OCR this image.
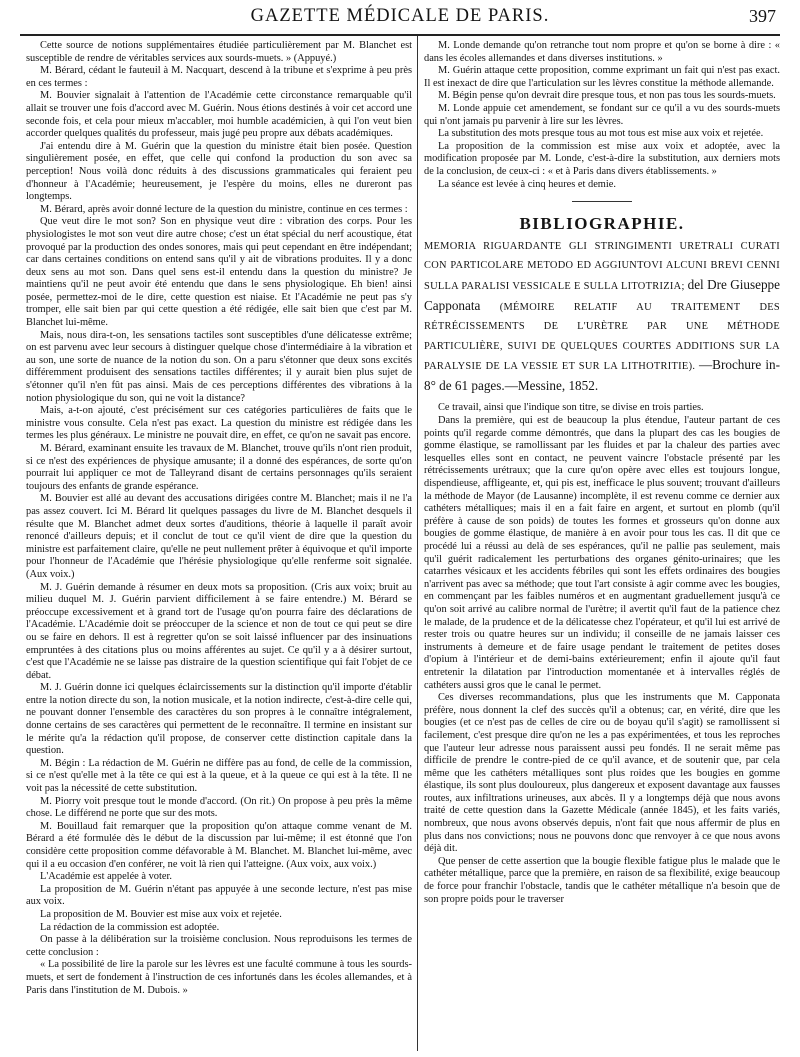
GAZETTE MÉDICALE DE PARIS.	397

Cette source de notions supplémentaires étudiée particulièrement par M. Blanchet est susceptible de rendre de véritables services aux sourds-muets. » (Appuyé.)

M. Bérard, cédant le fauteuil à M. Nacquart, descend à la tribune et s'exprime à peu près en ces termes :

M. Bouvier signalait à l'attention de l'Académie cette circonstance remarquable qu'il allait se trouver une fois d'accord avec M. Guérin. Nous étions destinés à voir cet accord une seconde fois, et cela pour mieux m'accabler, moi humble académicien, à qui l'on veut bien accorder quelques qualités du professeur, mais jugé peu propre aux débats académiques.

J'ai entendu dire à M. Guérin que la question du ministre était bien posée. Question singulièrement posée, en effet, que celle qui confond la production du son avec sa perception! Nous voilà donc réduits à des discussions grammaticales qui feraient peu d'honneur à l'Académie; heureusement, je l'espère du moins, elles ne dureront pas longtemps.

M. Bérard, après avoir donné lecture de la question du ministre, continue en ces termes :

Que veut dire le mot son? Son en physique veut dire : vibration des corps. Pour les physiologistes le mot son veut dire autre chose; c'est un état spécial du nerf acoustique, état provoqué par la production des ondes sonores, mais qui peut cependant en être indépendant; car dans certaines conditions on entend sans qu'il y ait de vibrations produites. Il y a donc deux sens au mot son. Dans quel sens est-il entendu dans la question du ministre? Je maintiens qu'il ne peut avoir été entendu que dans le sens physiologique. Eh bien! ainsi posée, permettez-moi de le dire, cette question est niaise. Et l'Académie ne peut pas s'y tromper, elle sait bien par qui cette question a été rédigée, elle sait bien que c'est par M. Blanchet lui-même.

Mais, nous dira-t-on, les sensations tactiles sont susceptibles d'une délicatesse extrême; on est parvenu avec leur secours à distinguer quelque chose d'intermédiaire à la vibration et au son, une sorte de nuance de la notion du son. On a paru s'étonner que deux sons excités différemment produisent des sensations tactiles différentes; il y aurait bien plus sujet de s'étonner qu'il n'en fût pas ainsi. Mais de ces perceptions différentes des vibrations à la notion physiologique du son, qui ne voit la distance?

Mais, a-t-on ajouté, c'est précisément sur ces catégories particulières de faits que le ministre vous consulte. Cela n'est pas exact. La question du ministre est rédigée dans les termes les plus généraux. Le ministre ne pouvait dire, en effet, ce qu'on ne savait pas encore.

M. Bérard, examinant ensuite les travaux de M. Blanchet, trouve qu'ils n'ont rien produit, si ce n'est des expériences de physique amusante; il a donné des espérances, de sorte qu'on pourrait lui appliquer ce mot de Talleyrand disant de certains personnages qu'ils seraient toujours des enfants de grande espérance.

M. Bouvier est allé au devant des accusations dirigées contre M. Blanchet; mais il ne l'a pas assez couvert. Ici M. Bérard lit quelques passages du livre de M. Blanchet desquels il résulte que M. Blanchet admet deux sortes d'auditions, théorie à laquelle il paraît avoir renoncé d'ailleurs depuis; et il conclut de tout ce qu'il vient de dire que la question du ministre est parfaitement claire, qu'elle ne peut nullement prêter à équivoque et qu'il importe pour l'honneur de l'Académie que l'hérésie physiologique qu'elle renferme soit signalée. (Aux voix.)

M. J. Guérin demande à résumer en deux mots sa proposition. (Cris aux voix; bruit au milieu duquel M. J. Guérin parvient difficilement à se faire entendre.) M. Bérard se préoccupe excessivement et à grand tort de l'usage qu'on pourra faire des déclarations de l'Académie. L'Académie doit se préoccuper de la science et non de tout ce qui peut se dire ou se faire en dehors. Il est à regretter qu'on se soit laissé influencer par des insinuations empruntées à des citations plus ou moins afférentes au sujet. Ce qu'il y a à désirer surtout, c'est que l'Académie ne se laisse pas distraire de la question scientifique qui fait l'objet de ce débat.

M. J. Guérin donne ici quelques éclaircissements sur la distinction qu'il importe d'établir entre la notion directe du son, la notion musicale, et la notion indirecte, c'est-à-dire celle qui, ne pouvant donner l'ensemble des caractères du son propres à le connaître intégralement, donne certains de ses caractères qui permettent de le reconnaître. Il termine en insistant sur le mérite qu'a la rédaction qu'il propose, de conserver cette distinction capitale dans la question.

M. Bégin : La rédaction de M. Guérin ne diffère pas au fond, de celle de la commission, si ce n'est qu'elle met à la tête ce qui est à la queue, et à la queue ce qui est à la tête. Il ne voit pas la nécessité de cette substitution.

M. Piorry voit presque tout le monde d'accord. (On rit.) On propose à peu près la même chose. Le différend ne porte que sur des mots.

M. Bouillaud fait remarquer que la proposition qu'on attaque comme venant de M. Bérard a été formulée dès le début de la discussion par lui-même; il est étonné que l'on considère cette proposition comme défavorable à M. Blanchet. M. Blanchet lui-même, avec qui il a eu occasion d'en conférer, ne voit là rien qui l'atteigne. (Aux voix, aux voix.)

L'Académie est appelée à voter.

La proposition de M. Guérin n'étant pas appuyée à une seconde lecture, n'est pas mise aux voix.

La proposition de M. Bouvier est mise aux voix et rejetée.

La rédaction de la commission est adoptée.

On passe à la délibération sur la troisième conclusion. Nous reproduisons les termes de cette conclusion :

« La possibilité de lire la parole sur les lèvres est une faculté commune à tous les sourds-muets, et sert de fondement à l'instruction de ces infortunés dans les écoles allemandes, et à Paris dans l'institution de M. Dubois. »

M. Londe demande qu'on retranche tout nom propre et qu'on se borne à dire : « dans les écoles allemandes et dans diverses institutions. »

M. Guérin attaque cette proposition, comme exprimant un fait qui n'est pas exact. Il est inexact de dire que l'articulation sur les lèvres constitue la méthode allemande.

M. Bégin pense qu'on devrait dire presque tous, et non pas tous les sourds-muets.

M. Londe appuie cet amendement, se fondant sur ce qu'il a vu des sourds-muets qui n'ont jamais pu parvenir à lire sur les lèvres.

La substitution des mots presque tous au mot tous est mise aux voix et rejetée.

La proposition de la commission est mise aux voix et adoptée, avec la modification proposée par M. Londe, c'est-à-dire la substitution, aux derniers mots de la conclusion, de ceux-ci : « et à Paris dans divers établissements. »

La séance est levée à cinq heures et demie.

BIBLIOGRAPHIE.
MEMORIA RIGUARDANTE GLI STRINGIMENTI URETRALI CURATI CON PARTICOLARE METODO ED AGGIUNTOVI ALCUNI BREVI CENNI SULLA PARALISI VESSICALE E SULLA LITOTRIZIA; del Dre Giuseppe Capponata (MÉMOIRE RELATIF AU TRAITEMENT DES RÉTRÉCISSEMENTS DE L'URÈTRE PAR UNE MÉTHODE PARTICULIÈRE, SUIVI DE QUELQUES COURTES ADDITIONS SUR LA PARALYSIE DE LA VESSIE ET SUR LA LITHOTRITIE). —Brochure in-8° de 61 pages.—Messine, 1852.

Ce travail, ainsi que l'indique son titre, se divise en trois parties.

Dans la première, qui est de beaucoup la plus étendue, l'auteur partant de ces points qu'il regarde comme démontrés, que dans la plupart des cas les bougies de gomme élastique, se ramollissant par les fluides et par la chaleur des parties avec lesquelles elles sont en contact, ne peuvent vaincre l'obstacle présenté par les rétrécissements urétraux; que la cure qu'on opère avec elles est toujours longue, dispendieuse, affligeante, et, qui pis est, inefficace le plus souvent; trouvant d'ailleurs la méthode de Mayor (de Lausanne) incomplète, il est revenu comme ce dernier aux cathéters métalliques; mais il en a fait faire en argent, et surtout en plomb (qu'il préfère à cause de son poids) de toutes les formes et grosseurs qu'on donne aux bougies de gomme élastique, de manière à en avoir pour tous les cas. Il dit que ce procédé lui a réussi au delà de ses espérances, qu'il ne pallie pas seulement, mais qu'il guérit radicalement les perturbations des organes génito-urinaires; que les catarrhes vésicaux et les accidents fébriles qui sont les effets ordinaires des bougies n'arrivent pas avec sa méthode; que tout l'art consiste à agir comme avec les bougies, en commençant par les faibles numéros et en augmentant graduellement jusqu'à ce qu'on soit arrivé au calibre normal de l'urètre; il avertit qu'il faut de la patience chez le malade, de la prudence et de la délicatesse chez l'opérateur, et qu'il lui est arrivé de rester trois ou quatre heures sur un individu; il conseille de ne jamais laisser ces instruments à demeure et de faire usage pendant le traitement de petites doses d'opium à l'intérieur et de demi-bains extérieurement; enfin il ajoute qu'il faut entretenir la dilatation par l'introduction momentanée et à intervalles réglés de cathéters aussi gros que le canal le permet.

Ces diverses recommandations, plus que les instruments que M. Capponata préfère, nous donnent la clef des succès qu'il a obtenus; car, en vérité, dire que les bougies (et ce n'est pas de celles de cire ou de boyau qu'il s'agit) se ramollissent si facilement, c'est presque dire qu'on ne les a pas expérimentées, et tous les reproches que l'auteur leur adresse nous paraissent aussi peu fondés. Il ne serait même pas difficile de prendre le contre-pied de ce qu'il avance, et de soutenir que, par cela même que les cathéters métalliques sont plus roides que les bougies en gomme élastique, ils sont plus douloureux, plus dangereux et exposent davantage aux fausses routes, aux infiltrations urineuses, aux abcès. Il y a longtemps déjà que nous avons traité de cette question dans la Gazette Médicale (année 1845), et les faits variés, nombreux, que nous avons observés depuis, n'ont fait que nous affermir de plus en plus dans nos convictions; nous ne pouvons donc que renvoyer à ce que nous avons déjà dit.

Que penser de cette assertion que la bougie flexible fatigue plus le malade que le cathéter métallique, parce que la première, en raison de sa flexibilité, exige beaucoup de force pour franchir l'obstacle, tandis que le cathéter métallique n'a besoin que de son propre poids pour le traverser
